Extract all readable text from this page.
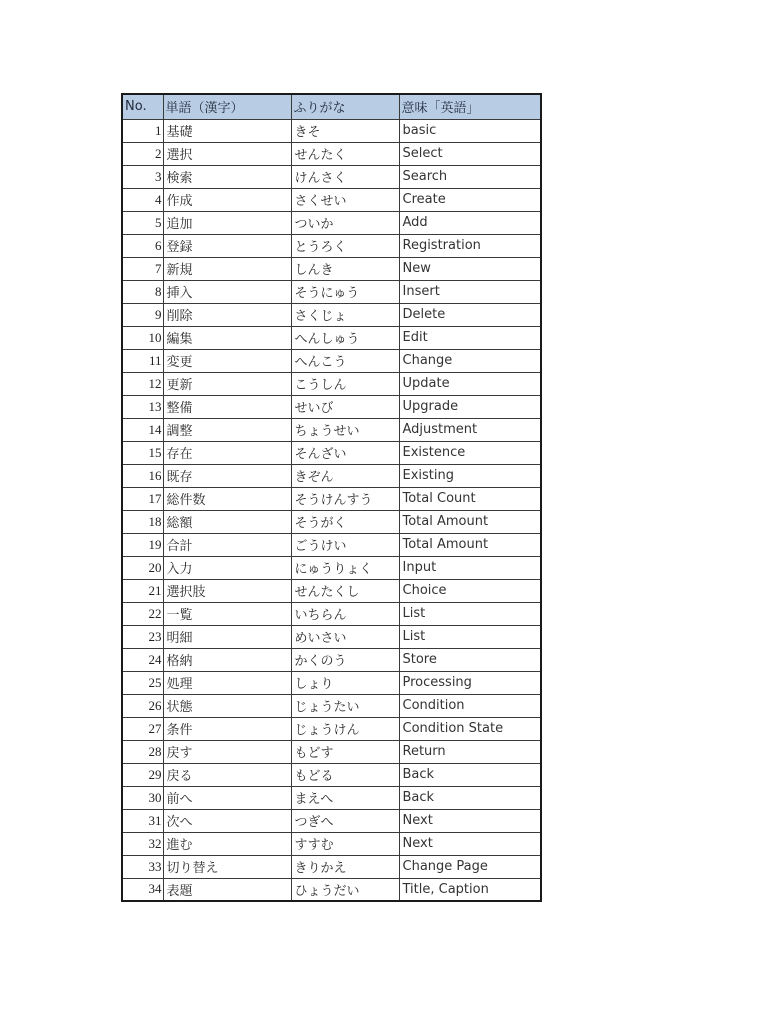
No.	単語（漢字）	ふりがな	意味「英語」
1	基礎	きそ	basic
2	選択	せんたく	Select
3	検索	けんさく	Search
4	作成	さくせい	Create
5	追加	ついか	Add
6	登録	とうろく	Registration
7	新規	しんき	New
8	挿入	そうにゅう	Insert
9	削除	さくじょ	Delete
10	編集	へんしゅう	Edit
11	変更	へんこう	Change
12	更新	こうしん	Update
13	整備	せいび	Upgrade
14	調整	ちょうせい	Adjustment
15	存在	そんざい	Existence
16	既存	きぞん	Existing
17	総件数	そうけんすう	Total Count
18	総額	そうがく	Total Amount
19	合計	ごうけい	Total Amount
20	入力	にゅうりょく	Input
21	選択肢	せんたくし	Choice
22	一覧	いちらん	List
23	明細	めいさい	List
24	格納	かくのう	Store
25	処理	しょり	Processing
26	状態	じょうたい	Condition
27	条件	じょうけん	Condition State
28	戻す	もどす	Return
29	戻る	もどる	Back
30	前へ	まえへ	Back
31	次へ	つぎへ	Next
32	進む	すすむ	Next
33	切り替え	きりかえ	Change Page
34	表題	ひょうだい	Title, Caption
